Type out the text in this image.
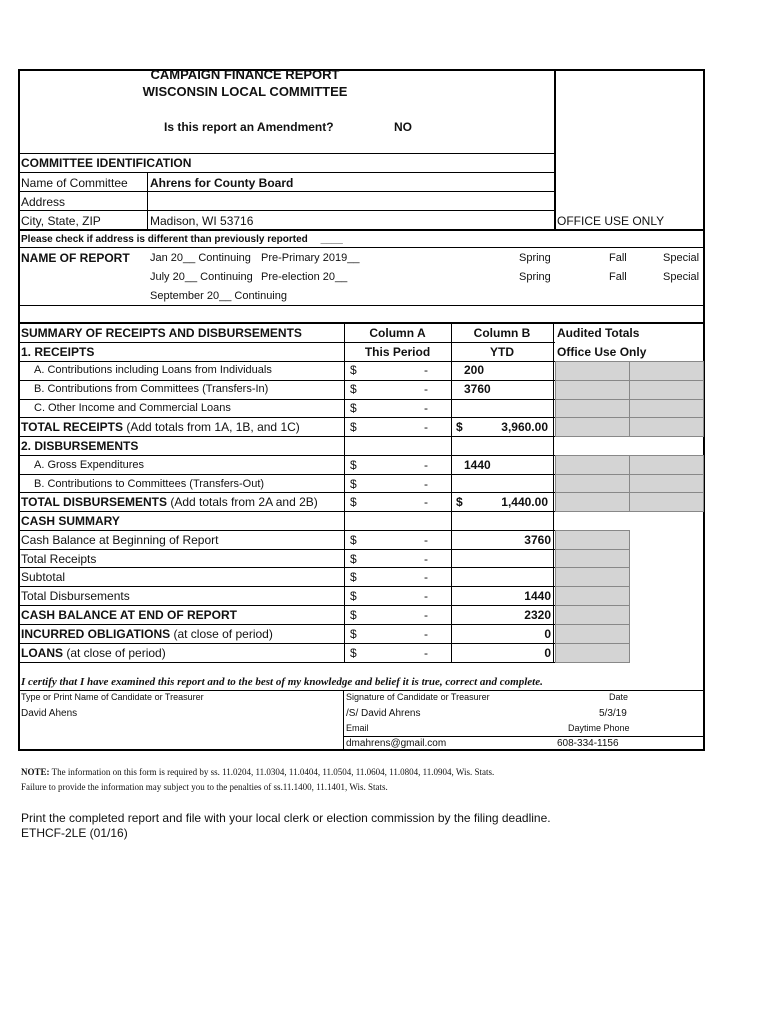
CAMPAIGN FINANCE REPORT
WISCONSIN LOCAL COMMITTEE
Is this report an Amendment?	NO
COMMITTEE IDENTIFICATION
Name of Committee Ahrens for County Board
Address
City, State, ZIP	Madison, WI 53716	OFFICE USE ONLY
Please check if address is different than previously reported ____
NAME OF REPORT Jan 20__ Continuing Pre-Primary 2019__	Spring	Fall	Special
July 20__ Continuing Pre-election 20__	Spring	Fall	Special
September 20__ Continuing
SUMMARY OF RECEIPTS AND DISBURSEMENTS	Column A	Column B	Audited Totals
1. RECEIPTS	This Period	YTD	Office Use Only
A. Contributions including Loans from Individuals	$	-	200
B. Contributions from Committees (Transfers-In)	$	-	3760
C. Other Income and Commercial Loans	$	-
TOTAL RECEIPTS (Add totals from 1A, 1B, and 1C)	$	- $	3,960.00
2. DISBURSEMENTS
A. Gross Expenditures	$	-	1440
B. Contributions to Committees (Transfers-Out)	$	-
TOTAL DISBURSEMENTS (Add totals from 2A and 2B)	$	- $	1,440.00
CASH SUMMARY
Cash Balance at Beginning of Report	$	-	3760
Total Receipts	$	-
Subtotal	$	-
Total Disbursements	$	-	1440
CASH BALANCE AT END OF REPORT	$	-	2320
INCURRED OBLIGATIONS (at close of period)	$	-	0
LOANS (at close of period)	$	-	0
I certify that I have examined this report and to the best of my knowledge and belief it is true, correct and complete.
Type or Print Name of Candidate or Treasurer
David Ahens
Signature of Candidate or Treasurer
/S/ David Ahrens
Date
5/3/19
Email	Daytime Phone
dmahrens@gmail.com	608-334-1156
NOTE: The information on this form is required by ss. 11.0204, 11.0304, 11.0404, 11.0504, 11.0604, 11.0804, 11.0904, Wis. Stats.
Failure to provide the information may subject you to the penalties of ss.11.1400, 11.1401, Wis. Stats.
Print the completed report and file with your local clerk or election commission by the filing deadline.
ETHCF-2LE (01/16)
